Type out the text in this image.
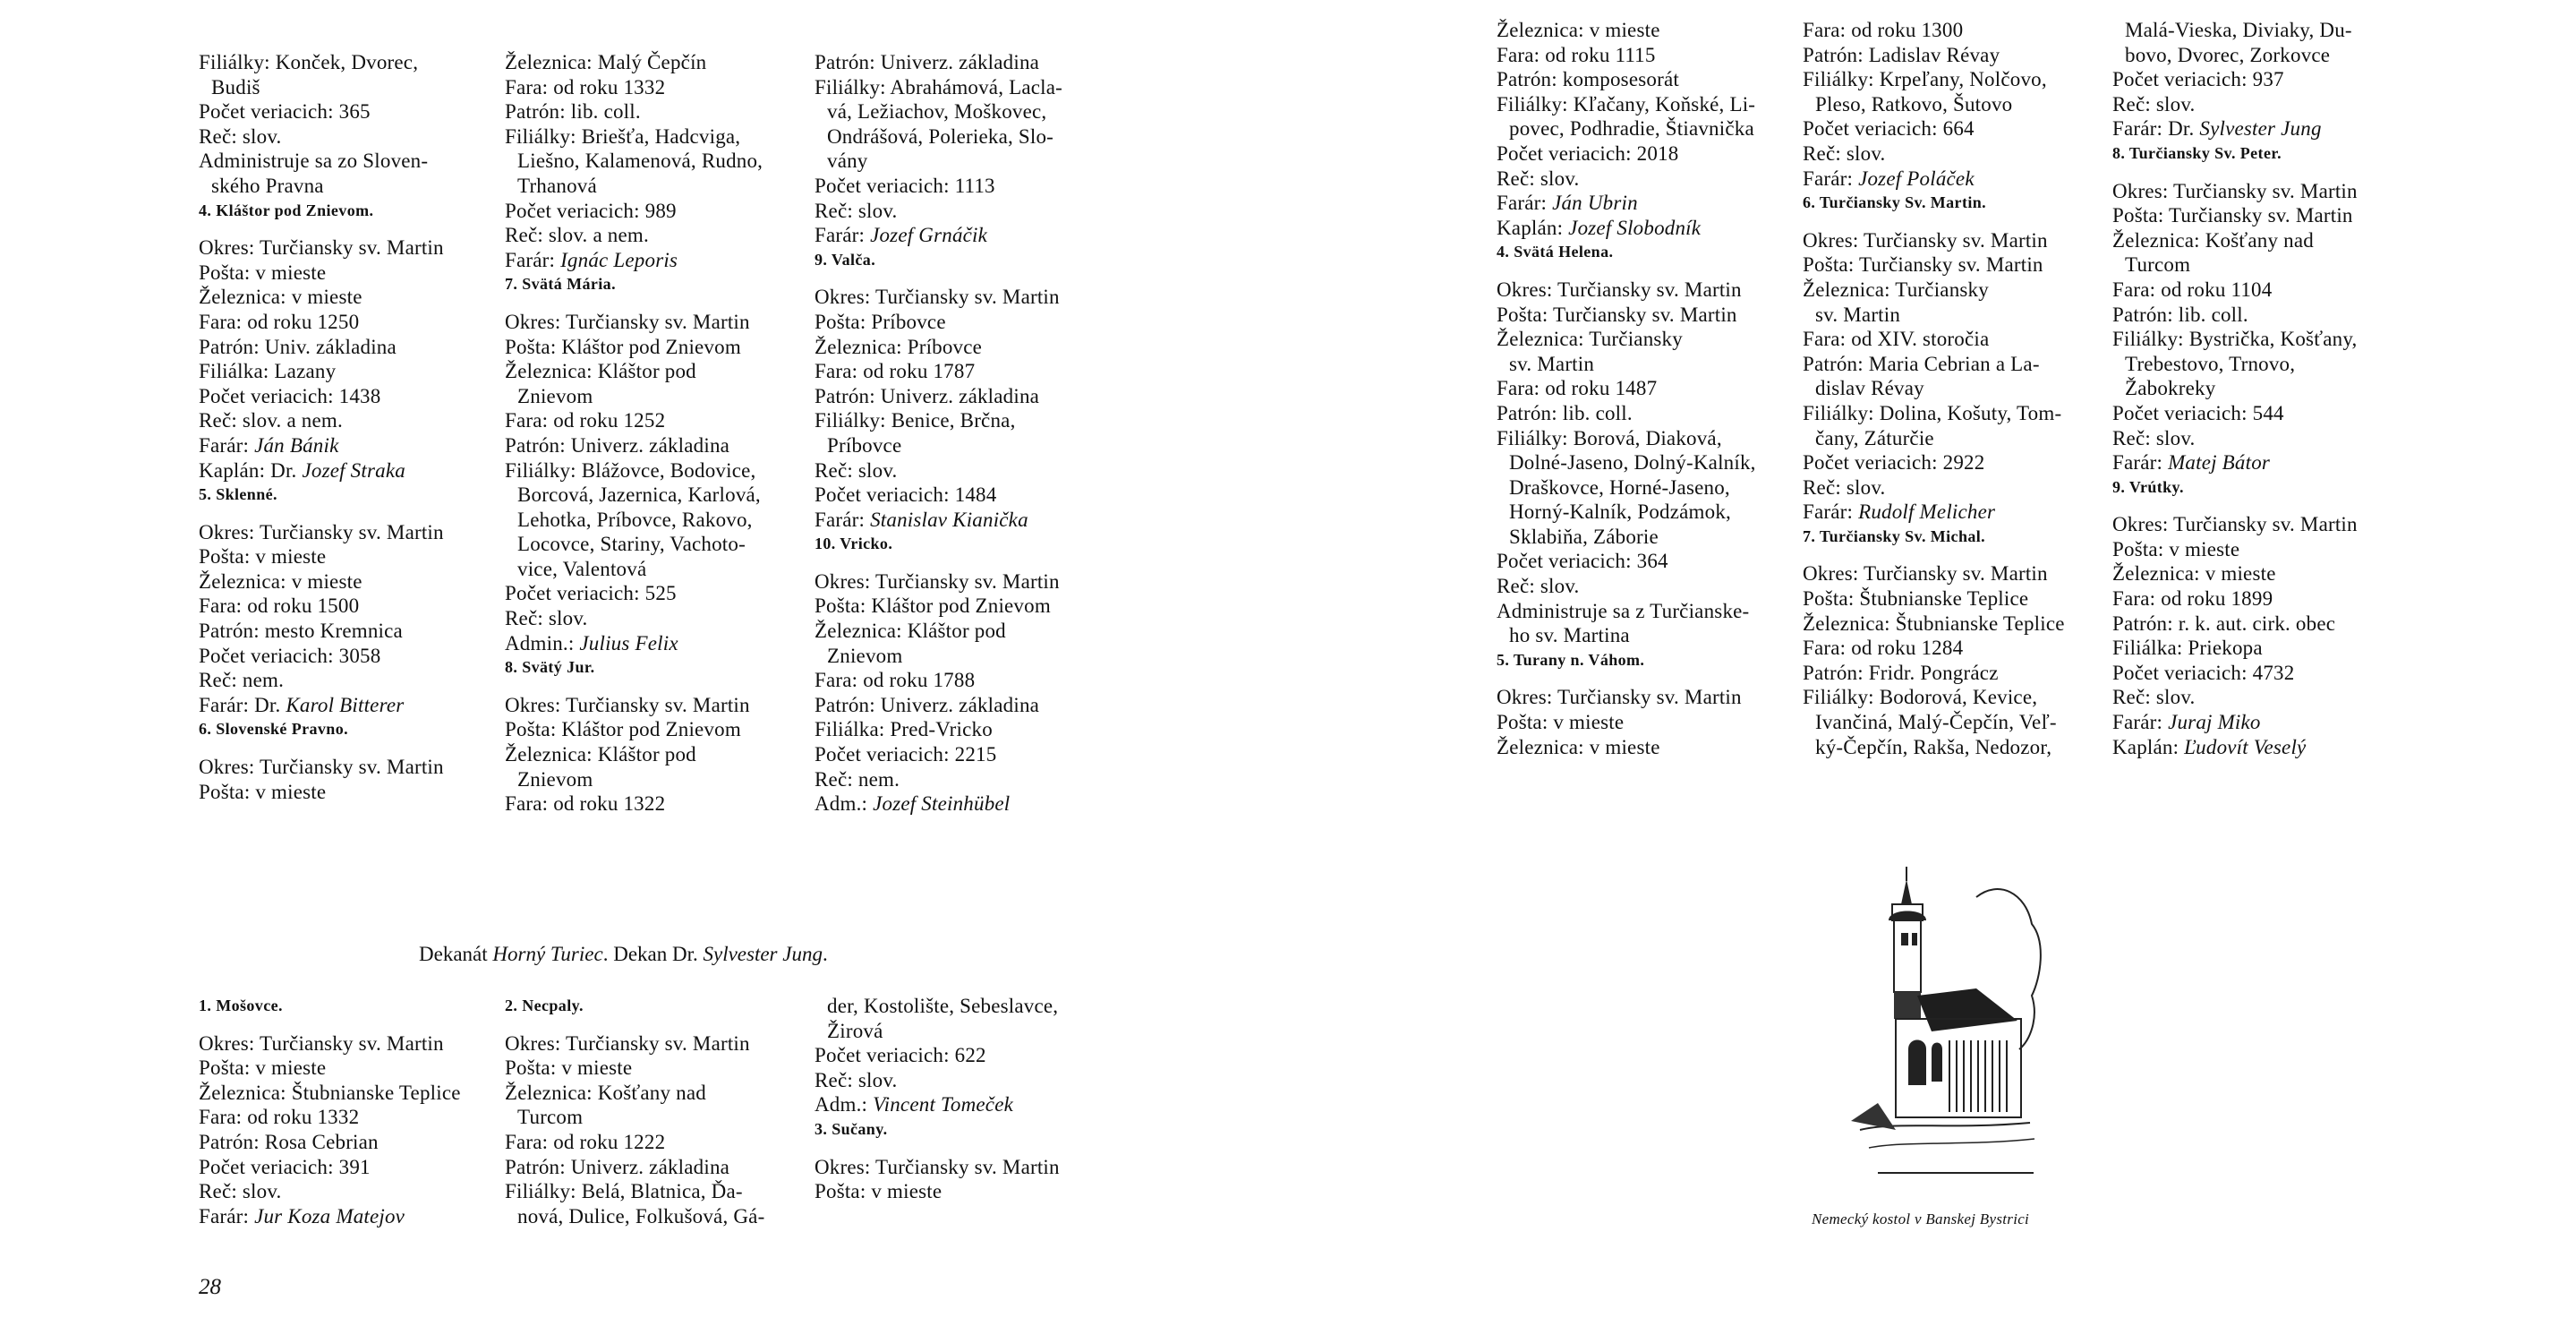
Filiálky: Konček, Dvorec,
Budiš
Počet veriacich: 365
Reč: slov.
Administruje sa zo Sloven-
ského Pravna
4. Kláštor pod Znievom.
Okres: Turčiansky sv. Martin
Pošta: v mieste
Železnica: v mieste
Fara: od roku 1250
Patrón: Univ. základina
Filiálka: Lazany
Počet veriacich: 1438
Reč: slov. a nem.
Farár: Ján Bánik
Kaplán: Dr. Jozef Straka
5. Sklenné.
Okres: Turčiansky sv. Martin
Pošta: v mieste
Železnica: v mieste
Fara: od roku 1500
Patrón: mesto Kremnica
Počet veriacich: 3058
Reč: nem.
Farár: Dr. Karol Bitterer
6. Slovenské Pravno.
Okres: Turčiansky sv. Martin
Pošta: v mieste
Železnica: Malý Čepčín
Fara: od roku 1332
Patrón: lib. coll.
Filiálky: Briešťa, Hadcviga,
Liešno, Kalamenová, Rudno,
Trhanová
Počet veriacich: 989
Reč: slov. a nem.
Farár: Ignác Leporis
7. Svätá Mária.
Okres: Turčiansky sv. Martin
Pošta: Kláštor pod Znievom
Železnica: Kláštor pod
Znievom
Fara: od roku 1252
Patrón: Univerz. základina
Filiálky: Blážovce, Bodovice,
Borcová, Jazernica, Karlová,
Lehotka, Príbovce, Rakovo,
Locovce, Stariny, Vachoto-
vice, Valentová
Počet veriacich: 525
Reč: slov.
Admin.: Julius Felix
8. Svätý Jur.
Okres: Turčiansky sv. Martin
Pošta: Kláštor pod Znievom
Železnica: Kláštor pod
Znievom
Fara: od roku 1322
Patrón: Univerz. základina
Filiálky: Abrahámová, Lacla-
vá, Ležiachov, Moškovec,
Ondrášová, Polerieka, Slo-
vány
Počet veriacich: 1113
Reč: slov.
Farár: Jozef Grnáčik
9. Valča.
Okres: Turčiansky sv. Martin
Pošta: Príbovce
Železnica: Príbovce
Fara: od roku 1787
Patrón: Univerz. základina
Filiálky: Benice, Brčna,
Príbovce
Reč: slov.
Počet veriacich: 1484
Farár: Stanislav Kianička
10. Vricko.
Okres: Turčiansky sv. Martin
Pošta: Kláštor pod Znievom
Železnica: Kláštor pod
Znievom
Fara: od roku 1788
Patrón: Univerz. základina
Filiálka: Pred-Vricko
Počet veriacich: 2215
Reč: nem.
Adm.: Jozef Steinhübel
Dekanát Horný Turiec. Dekan Dr. Sylvester Jung.
1. Mošovce.
Okres: Turčiansky sv. Martin
Pošta: v mieste
Železnica: Štubnianske Teplice
Fara: od roku 1332
Patrón: Rosa Cebrian
Počet veriacich: 391
Reč: slov.
Farár: Jur Koza Matejov
2. Necpaly.
Okres: Turčiansky sv. Martin
Pošta: v mieste
Železnica: Košťany nad
Turcom
Fara: od roku 1222
Patrón: Univerz. základina
Filiálky: Belá, Blatnica, Ďa-
nová, Dulice, Folkušová, Gá-
der, Kostolište, Sebeslavce,
Žirová
Počet veriacich: 622
Reč: slov.
Adm.: Vincent Tomeček
3. Sučany.
Okres: Turčiansky sv. Martin
Pošta: v mieste
28
Železnica: v mieste
Fara: od roku 1115
Patrón: komposesorát
Filiálky: Kľačany, Koňské, Li-
povec, Podhradie, Štiavnička
Počet veriacich: 2018
Reč: slov.
Farár: Ján Ubrin
Kaplán: Jozef Slobodník
4. Svätá Helena.
Okres: Turčiansky sv. Martin
Pošta: Turčiansky sv. Martin
Železnica: Turčiansky
sv. Martin
Fara: od roku 1487
Patrón: lib. coll.
Filiálky: Borová, Diaková,
Dolné-Jaseno, Dolný-Kalník,
Draškovce, Horné-Jaseno,
Horný-Kalník, Podzámok,
Sklabiňa, Záborie
Počet veriacich: 364
Reč: slov.
Administruje sa z Turčianske-
ho sv. Martina
5. Turany n. Váhom.
Okres: Turčiansky sv. Martin
Pošta: v mieste
Železnica: v mieste
Fara: od roku 1300
Patrón: Ladislav Révay
Filiálky: Krpeľany, Nolčovo,
Pleso, Ratkovo, Šutovo
Počet veriacich: 664
Reč: slov.
Farár: Jozef Poláček
6. Turčiansky Sv. Martin.
Okres: Turčiansky sv. Martin
Pošta: Turčiansky sv. Martin
Železnica: Turčiansky
sv. Martin
Fara: od XIV. storočia
Patrón: Maria Cebrian a La-
dislav Révay
Filiálky: Dolina, Košuty, Tom-
čany, Záturčie
Počet veriacich: 2922
Reč: slov.
Farár: Rudolf Melicher
7. Turčiansky Sv. Michal.
Okres: Turčiansky sv. Martin
Pošta: Štubnianske Teplice
Železnica: Štubnianske Teplice
Fara: od roku 1284
Patrón: Fridr. Pongrácz
Filiálky: Bodorová, Kevice,
Ivančiná, Malý-Čepčín, Veľ-
ký-Čepčín, Rakša, Nedozor,
Malá-Vieska, Diviaky, Du-
bovo, Dvorec, Zorkovce
Počet veriacich: 937
Reč: slov.
Farár: Dr. Sylvester Jung
8. Turčiansky Sv. Peter.
Okres: Turčiansky sv. Martin
Pošta: Turčiansky sv. Martin
Železnica: Košťany nad
Turcom
Fara: od roku 1104
Patrón: lib. coll.
Filiálky: Bystrička, Košťany,
Trebestovo, Trnovo,
Žabokreky
Počet veriacich: 544
Reč: slov.
Farár: Matej Bátor
9. Vrútky.
Okres: Turčiansky sv. Martin
Pošta: v mieste
Železnica: v mieste
Fara: od roku 1899
Patrón: r. k. aut. cirk. obec
Filiálka: Priekopa
Počet veriacich: 4732
Reč: slov.
Farár: Juraj Miko
Kaplán: Ľudovít Veselý
Nemecký kostol v Banskej Bystrici
